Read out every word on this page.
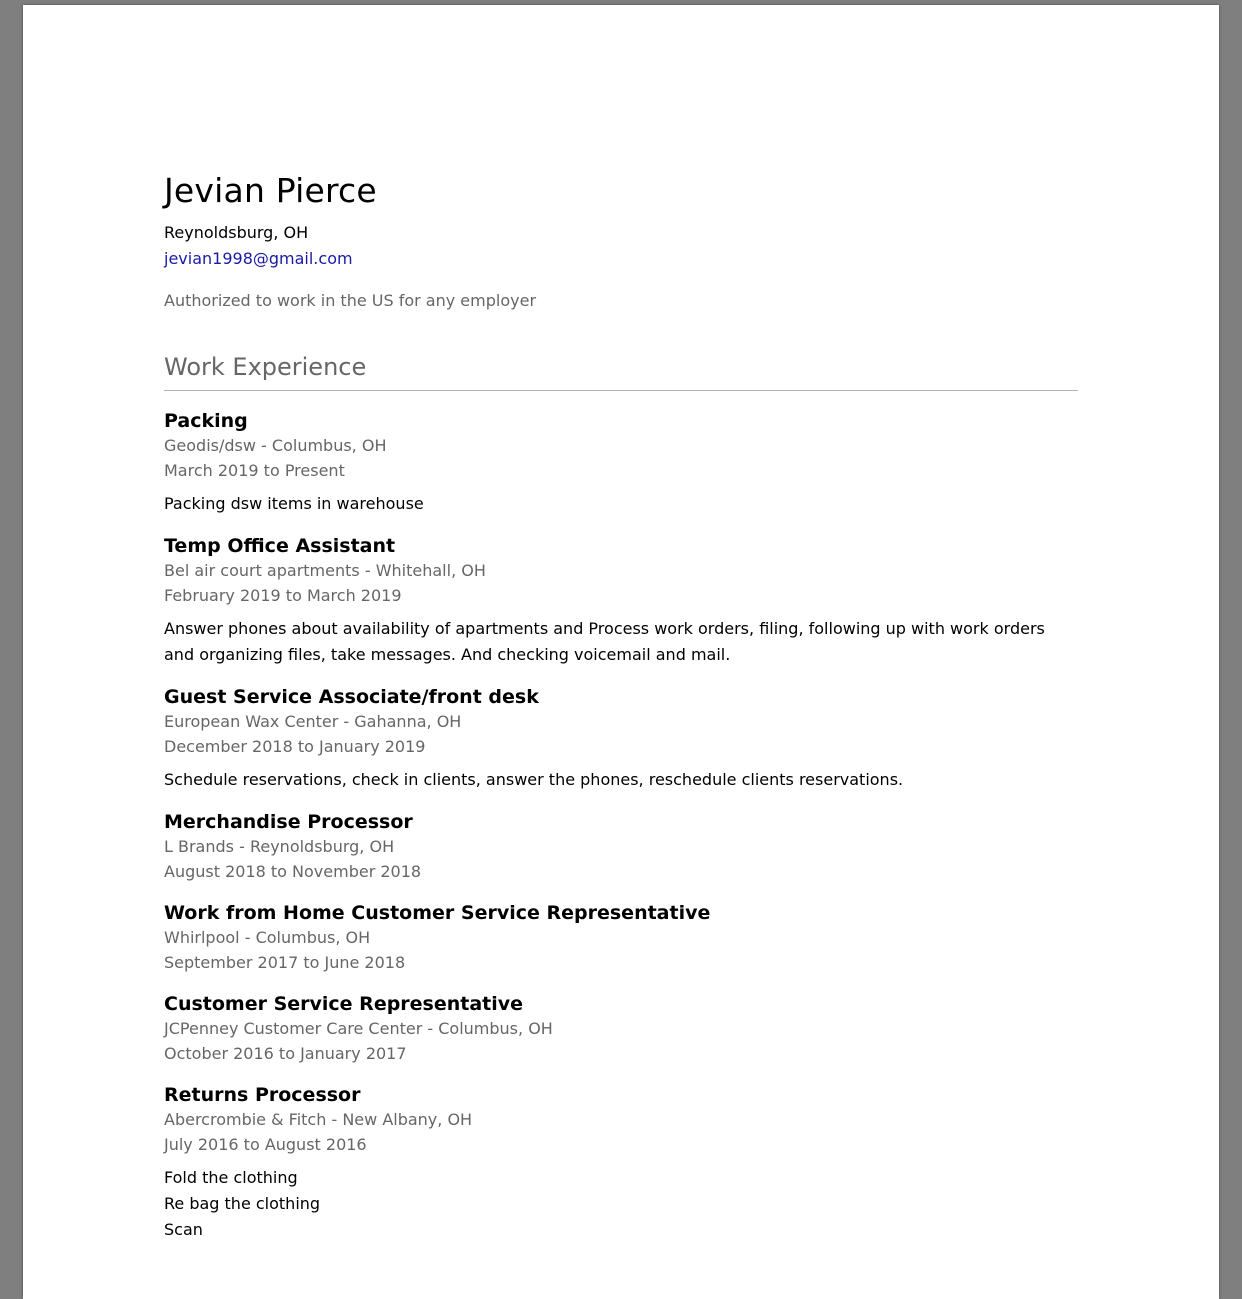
Jevian Pierce
Reynoldsburg, OH
jevian1998@gmail.com
Authorized to work in the US for any employer
Work Experience
Packing
Geodis/dsw - Columbus, OH
March 2019 to Present
Packing dsw items in warehouse
Temp Office Assistant
Bel air court apartments - Whitehall, OH
February 2019 to March 2019
Answer phones about availability of apartments and Process work orders, filing, following up with work orders and organizing files, take messages. And checking voicemail and mail.
Guest Service Associate/front desk
European Wax Center - Gahanna, OH
December 2018 to January 2019
Schedule reservations, check in clients, answer the phones, reschedule clients reservations.
Merchandise Processor
L Brands - Reynoldsburg, OH
August 2018 to November 2018
Work from Home Customer Service Representative
Whirlpool - Columbus, OH
September 2017 to June 2018
Customer Service Representative
JCPenney Customer Care Center - Columbus, OH
October 2016 to January 2017
Returns Processor
Abercrombie & Fitch - New Albany, OH
July 2016 to August 2016
Fold the clothing
Re bag the clothing
Scan
